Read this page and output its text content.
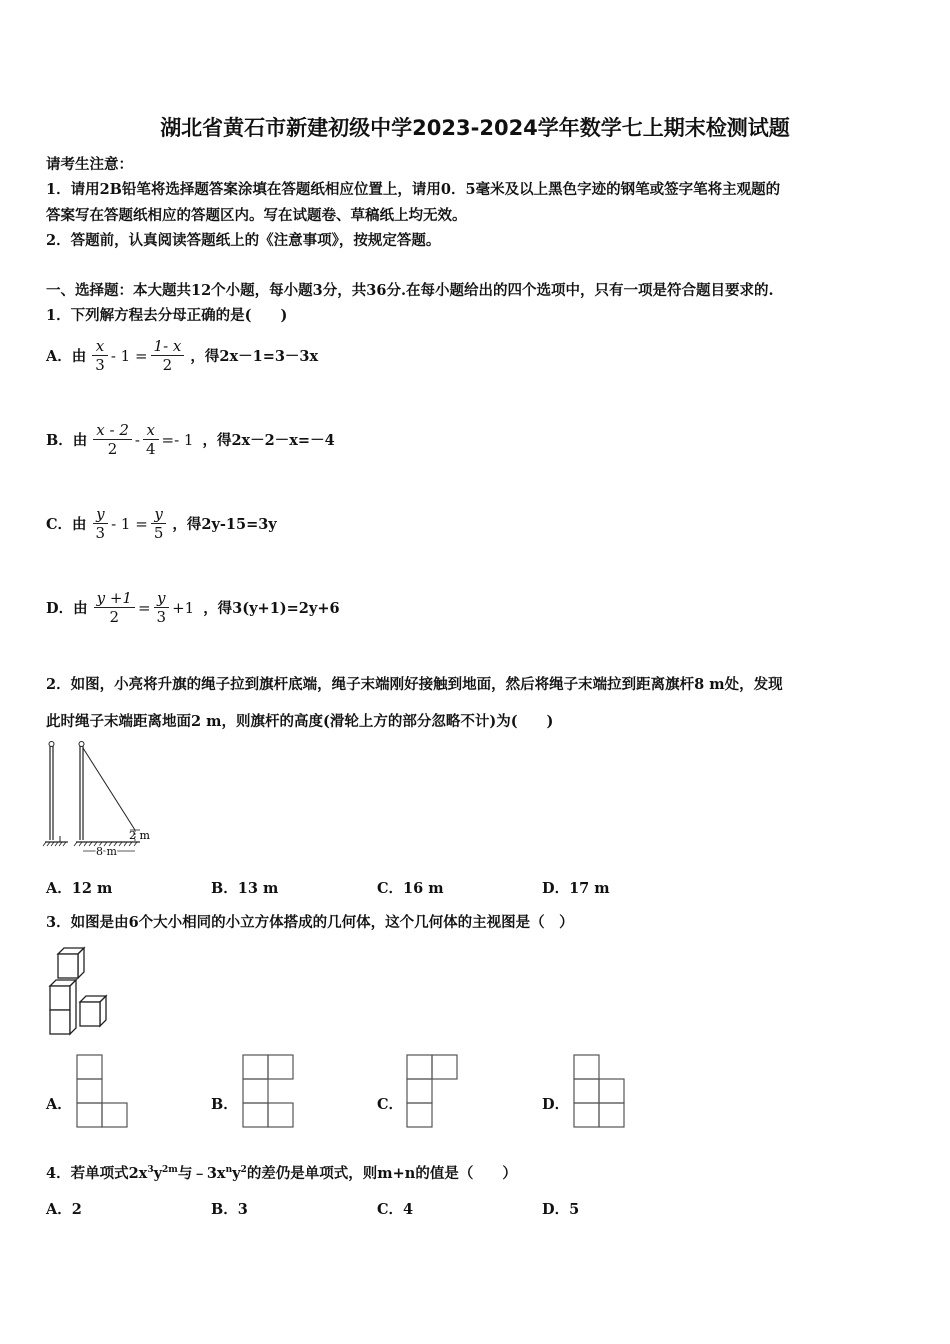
湖北省黄石市新建初级中学2023-2024学年数学七上期末检测试题
请考生注意：
1．请用2B铅笔将选择题答案涂填在答题纸相应位置上，请用0．5毫米及以上黑色字迹的钢笔或签字笔将主观题的
答案写在答题纸相应的答题区内。写在试题卷、草稿纸上均无效。
2．答题前，认真阅读答题纸上的《注意事项》，按规定答题。
一、选择题：本大题共12个小题，每小题3分，共36分.在每小题给出的四个选项中，只有一项是符合题目要求的.
1．下列解方程去分母正确的是(　　)
A．由 $\frac{x}{3} - 1 = \frac{1- x}{2}$ ，得2x－1=3－3x
B．由 $\frac{x - 2}{2} - \frac{x}{4} =- 1$ ，得2x－2－x=－4
C．由 $\frac{y}{3} - 1 = \frac{y}{5}$ ，得2y-15=3y
D．由 $\frac{y +1}{2} = \frac{y}{3} +1$ ，得3(y+1)=2y+6
2．如图，小亮将升旗的绳子拉到旗杆底端，绳子末端刚好接触到地面，然后将绳子末端拉到距离旗杆8 m处，发现
此时绳子末端距离地面2 m，则旗杆的高度(滑轮上方的部分忽略不计)为(　　)
2 m
8 m
A．12 m	B．13 m	C．16 m	D．17 m
3．如图是由6个大小相同的小立方体搭成的几何体，这个几何体的主视图是（　）
A．	B．	C．	D．
4．若单项式$2x^3y^{2m}$与$﹣3x^ny^2$的差仍是单项式，则m+n的值是（　　）
A．2	B．3	C．4	D．5
